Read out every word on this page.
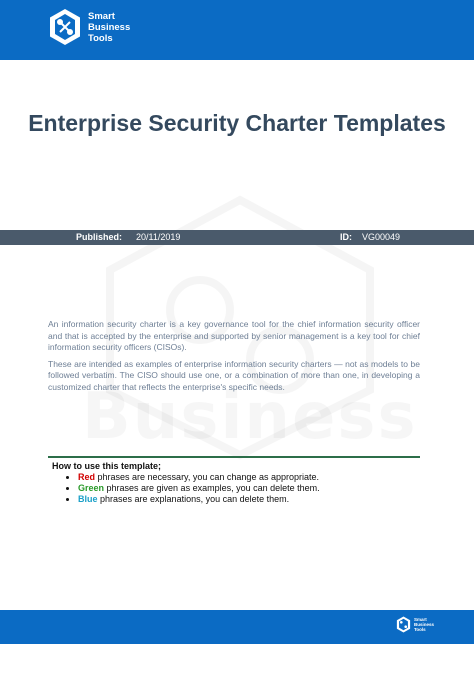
Smart
Business
Tools
Enterprise Security Charter Templates
Published: 20/11/2019	ID: VG00049

An information security charter is a key governance tool for the chief information security officer and that is accepted by the enterprise and supported by senior management is a key tool for chief information security officers (CISOs).

These are intended as examples of enterprise information security charters — not as models to be followed verbatim. The CISO should use one, or a combination of more than one, in developing a customized charter that reflects the enterprise's specific needs.

How to use this template;
• Red phrases are necessary, you can change as appropriate.
• Green phrases are given as examples, you can delete them.
• Blue phrases are explanations, you can delete them.
Smart
Business
Tools
